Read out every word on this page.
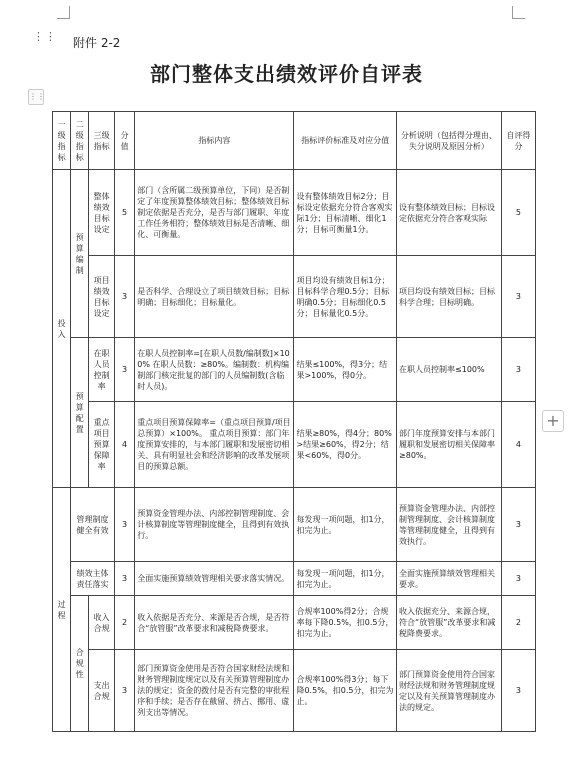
⋮⋮ 附件 2-2
部门整体支出绩效评价自评表
⋮⋮
+
一级指标	二级指标	三级指标	分值	指标内容	指标评价标准及对应分值	分析说明（包括得分理由、失分说明及原因分析）	自评得分
投入	预算编制	整体绩效目标设定	5	部门（含所属二级预算单位，下同）是否制定了年度预算整体绩效目标；整体绩效目标制定依据是否充分，是否与部门履职、年度工作任务相符；整体绩效目标是否清晰、细化、可衡量。	设有整体绩效目标2分；目标设定依据充分符合客观实际1分；目标清晰、细化1分；目标可衡量1分。	设有整体绩效目标；目标设定依据充分符合客观实际	5
		项目绩效目标设定	3	是否科学、合理设立了项目绩效目标；目标明确；目标细化；目标量化。	项目均设有绩效目标1分；目标科学合理0.5分；目标明确0.5分；目标细化0.5分；目标量化0.5分。	项目均设有绩效目标；目标科学合理；目标明确。	3
	预算配置	在职人员控制率	3	在职人员控制率=[在职人员数/编制数]×100% 在职人员数：≥80%。编制数：机构编制部门核定批复的部门的人员编制数(含临时人员)。	结果≤100%，得3分；结果>100%，得0分。	在职人员控制率≤100%	3
		重点项目预算保障率	4	重点项目预算保障率=（重点项目预算/项目总预算）×100%。 重点项目预算：部门年度预算安排的，与本部门履职和发展密切相关、具有明显社会和经济影响的改革发展项目的预算总额。	结果≥80%，得4分；80%>结果≥60%，得2分；结果<60%，得0分。	部门年度预算安排与本部门履职和发展密切相关保障率≥80%。	4
过程	管理制度健全有效		3	预算资金管理办法、内部控制管理制度、会计核算制度等管理制度健全，且得到有效执行。	每发现一项问题，扣1分，扣完为止。	预算资金管理办法、内部控制管理制度、会计核算制度等管理制度健全，且得到有效执行。	3
	绩效主体责任落实		3	全面实施预算绩效管理相关要求落实情况。	每发现一项问题，扣1分，扣完为止。	全面实施预算绩效管理相关要求。	3
	合规性	收入合规	2	收入依据是否充分、来源是否合规，是否符合“放管服”改革要求和减税降费要求。	合规率100%得2分；合规率每下降0.5%，扣0.5分，扣完为止。	收入依据充分、来源合规，符合“放管服”改革要求和减税降费要求。	2
		支出合规	3	部门预算资金使用是否符合国家财经法规和财务管理制度规定以及有关预算管理制度办法的规定；资金的拨付是否有完整的审批程序和手续；是否存在截留、挤占、挪用、虚列支出等情况。	合规率100%得3分；每下降0.5%，扣0.5分，扣完为止。	部门预算资金使用符合国家财经法规和财务管理制度规定以及有关预算管理制度办法的规定。	3
